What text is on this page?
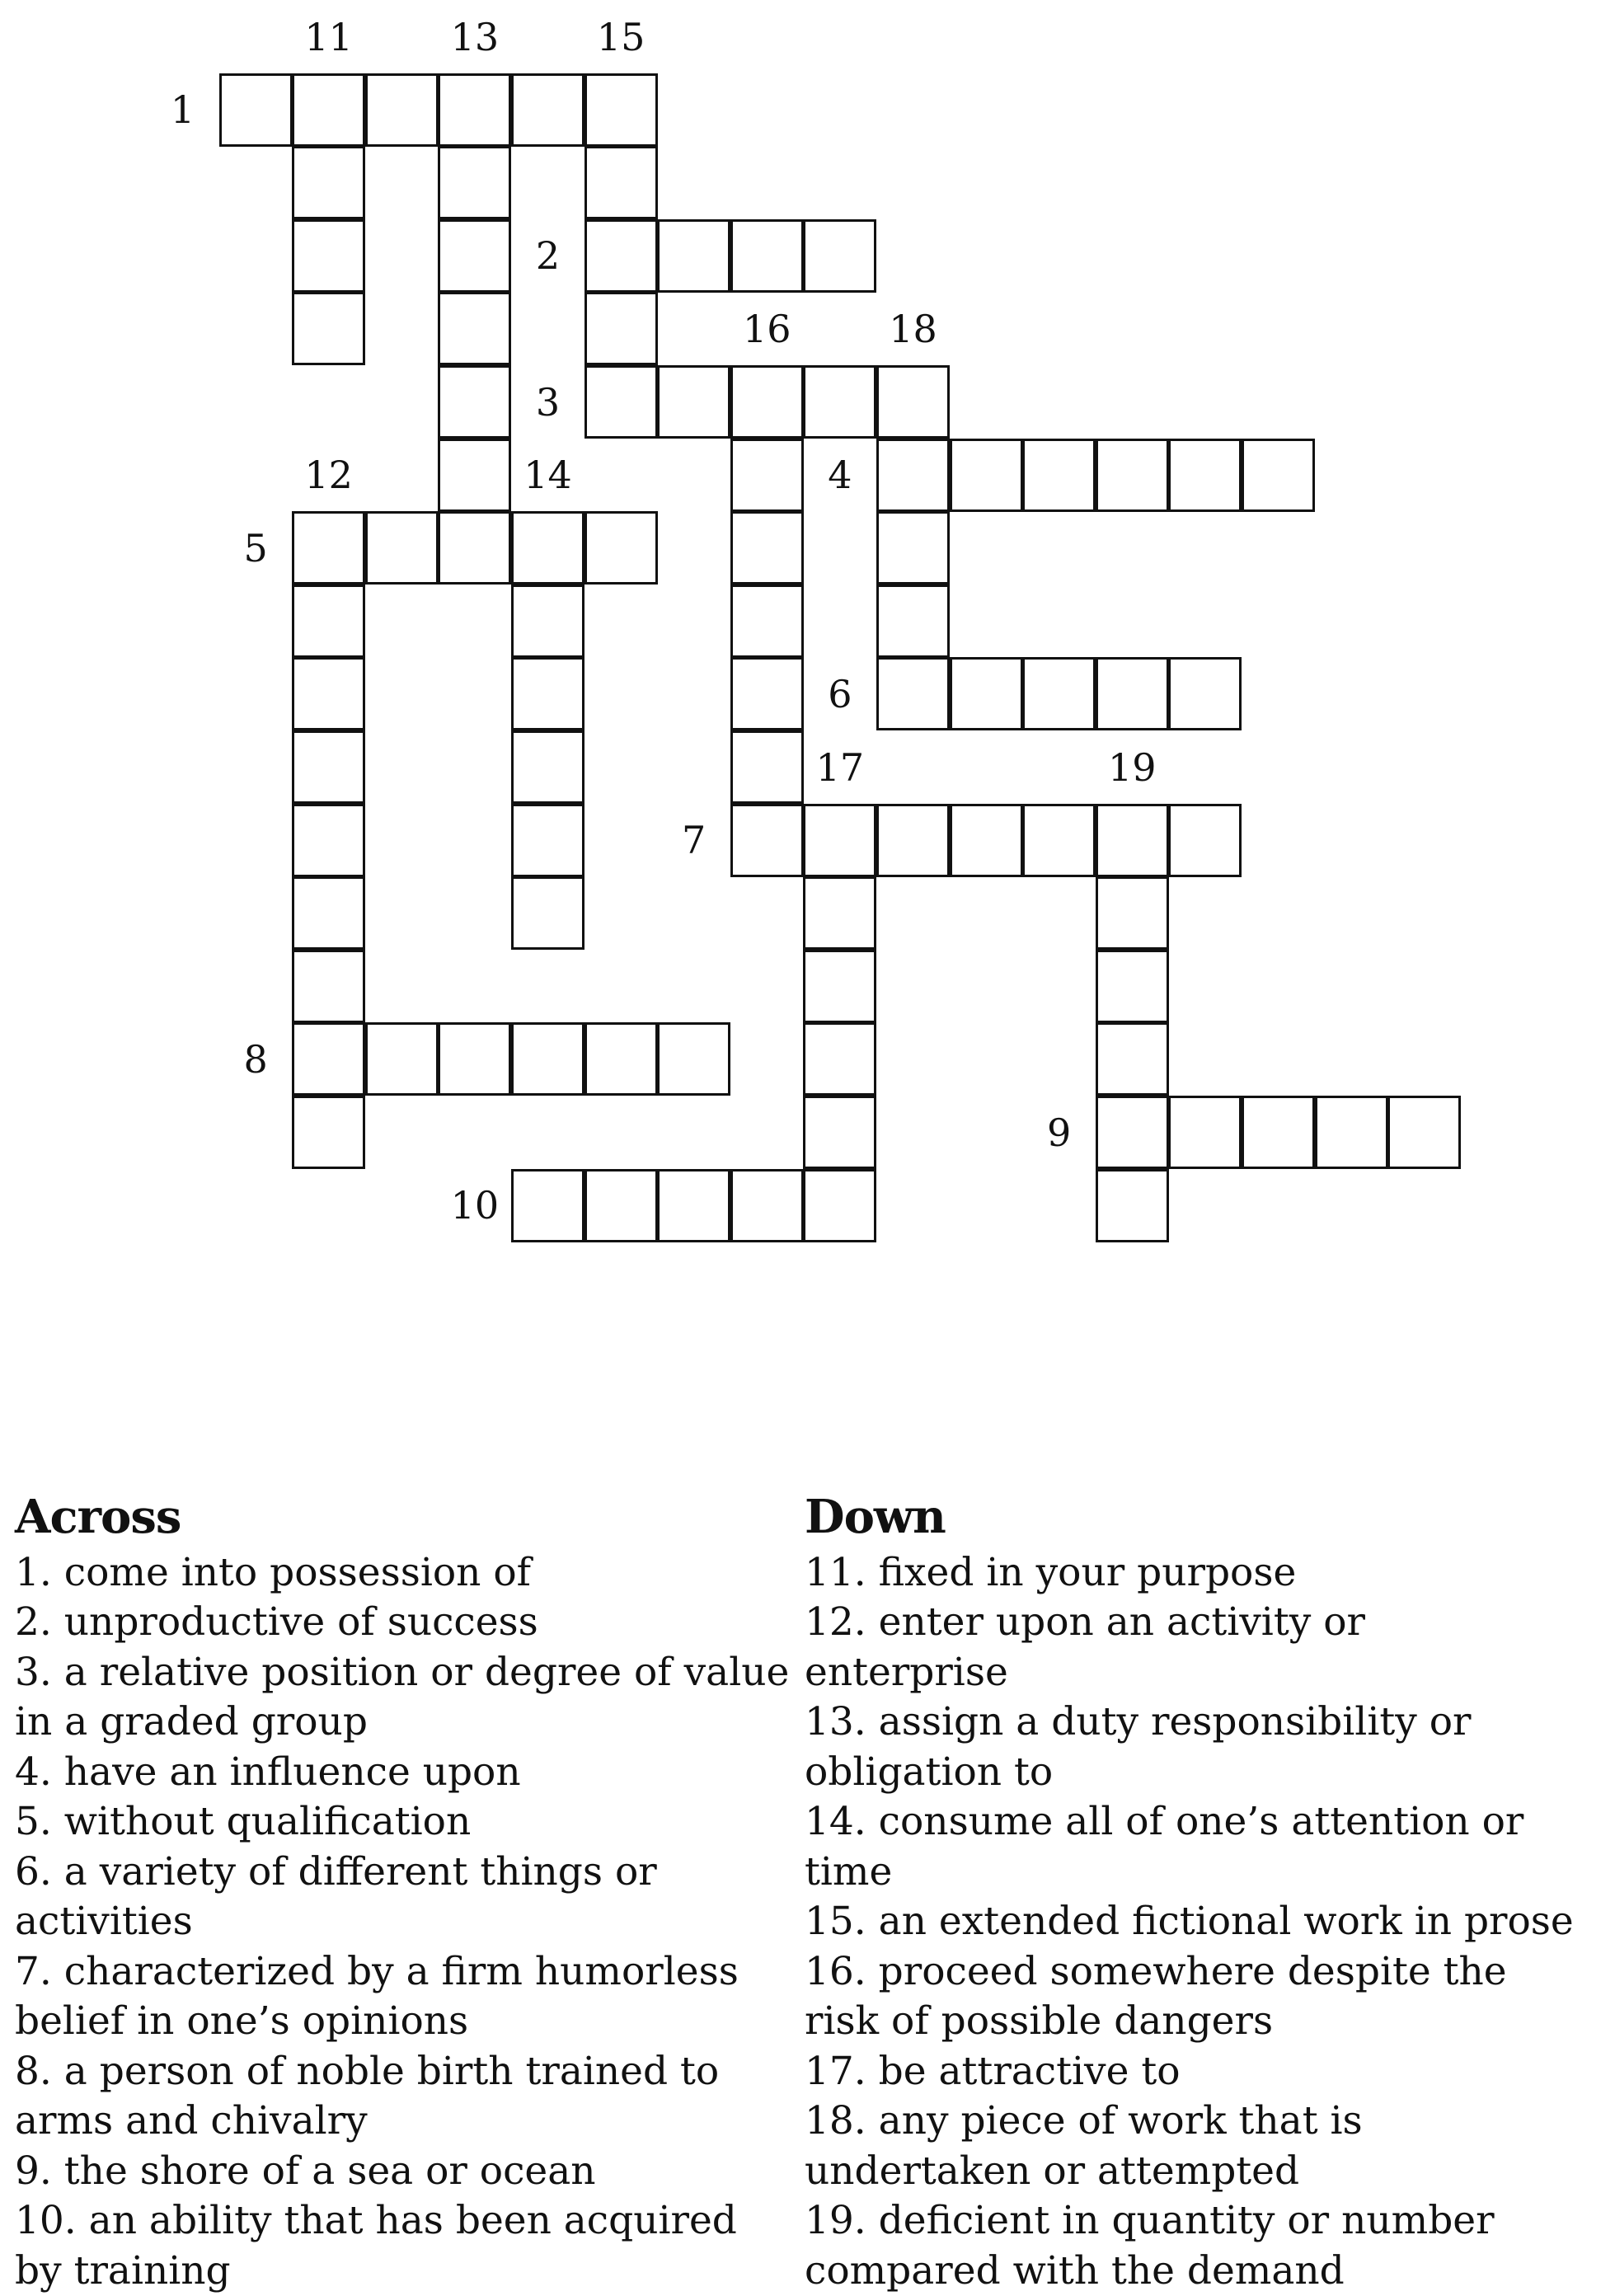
1
2
3
4
5
6
7
8
9
10
11
12
13
14
15
16
17
18
19
Across
1. come into possession of
2. unproductive of success
3. a relative position or degree of value in a graded group
4. have an influence upon
5. without qualification
6. a variety of different things or activities
7. characterized by a firm humorless belief in one’s opinions
8. a person of noble birth trained to arms and chivalry
9. the shore of a sea or ocean
10. an ability that has been acquired by training
Down
11. fixed in your purpose
12. enter upon an activity or enterprise
13. assign a duty responsibility or obligation to
14. consume all of one’s attention or time
15. an extended fictional work in prose
16. proceed somewhere despite the risk of possible dangers
17. be attractive to
18. any piece of work that is undertaken or attempted
19. deficient in quantity or number compared with the demand
